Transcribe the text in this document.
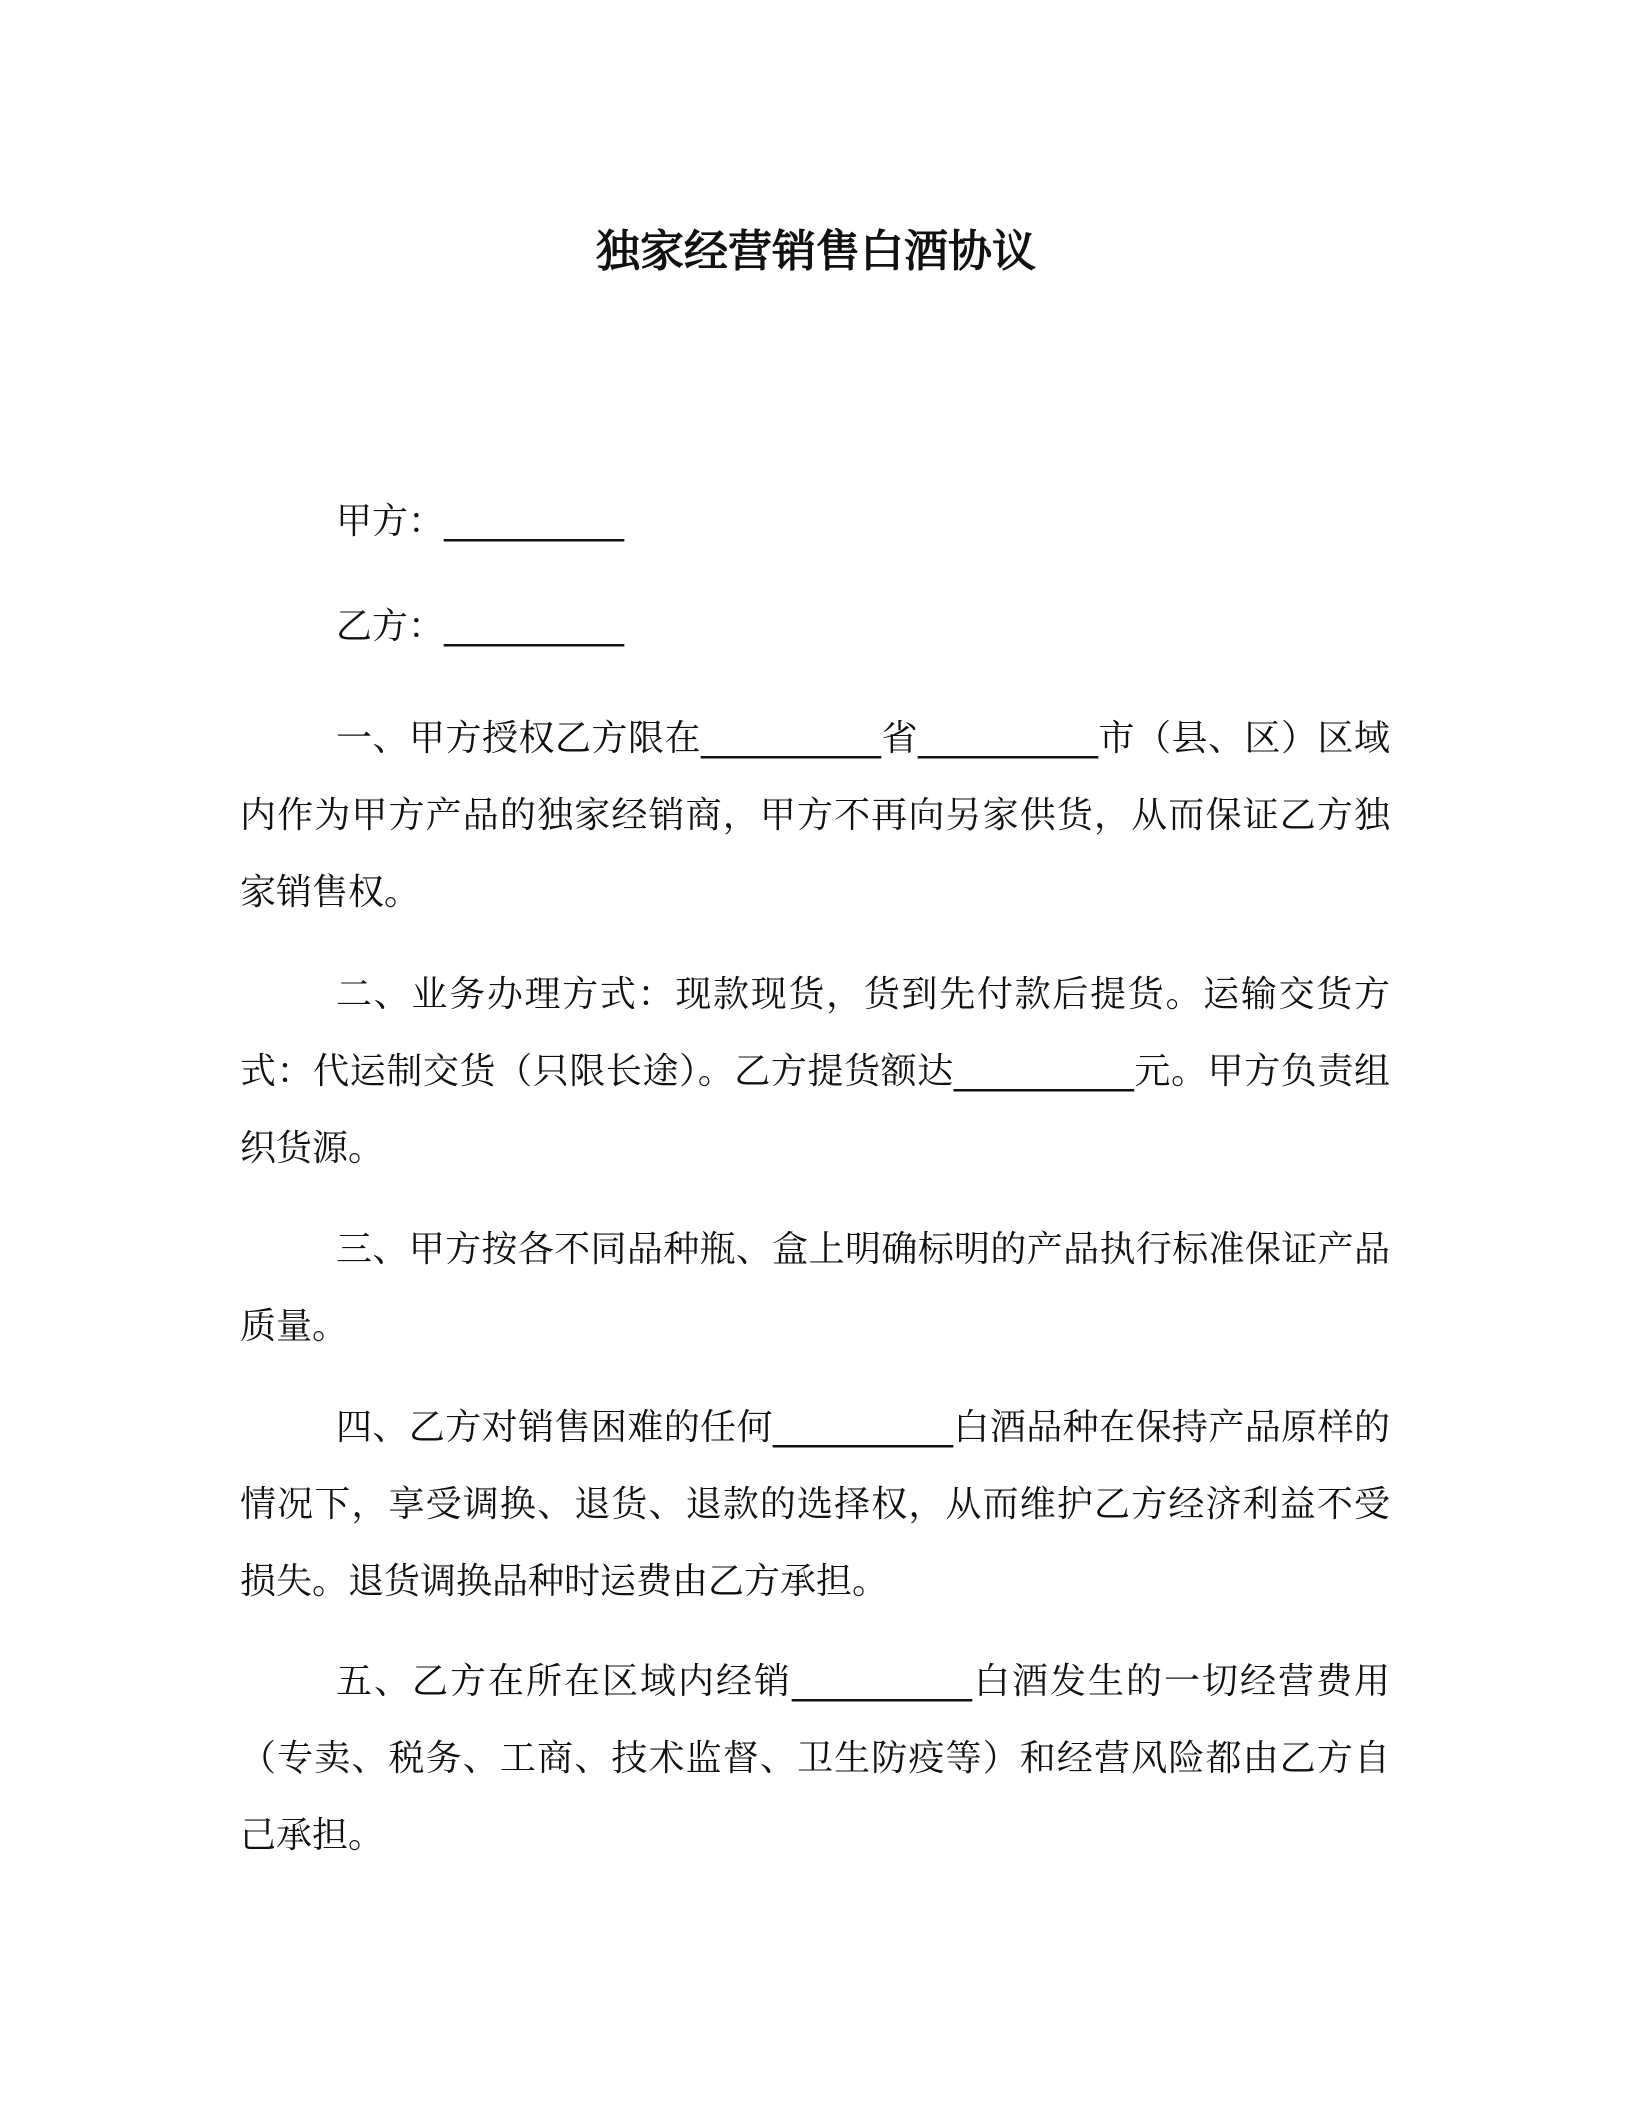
独家经营销售白酒协议
甲方：__________
乙方：__________

一、甲方授权乙方限在__________省__________市（县、区）区域内作为甲方产品的独家经销商，甲方不再向另家供货，从而保证乙方独家销售权。

二、业务办理方式：现款现货，货到先付款后提货。运输交货方式：代运制交货（只限长途）。乙方提货额达__________元。甲方负责组织货源。

三、甲方按各不同品种瓶、盒上明确标明的产品执行标准保证产品质量。

四、乙方对销售困难的任何__________白酒品种在保持产品原样的情况下，享受调换、退货、退款的选择权，从而维护乙方经济利益不受损失。退货调换品种时运费由乙方承担。

五、乙方在所在区域内经销__________白酒发生的一切经营费用（专卖、税务、工商、技术监督、卫生防疫等）和经营风险都由乙方自己承担。
